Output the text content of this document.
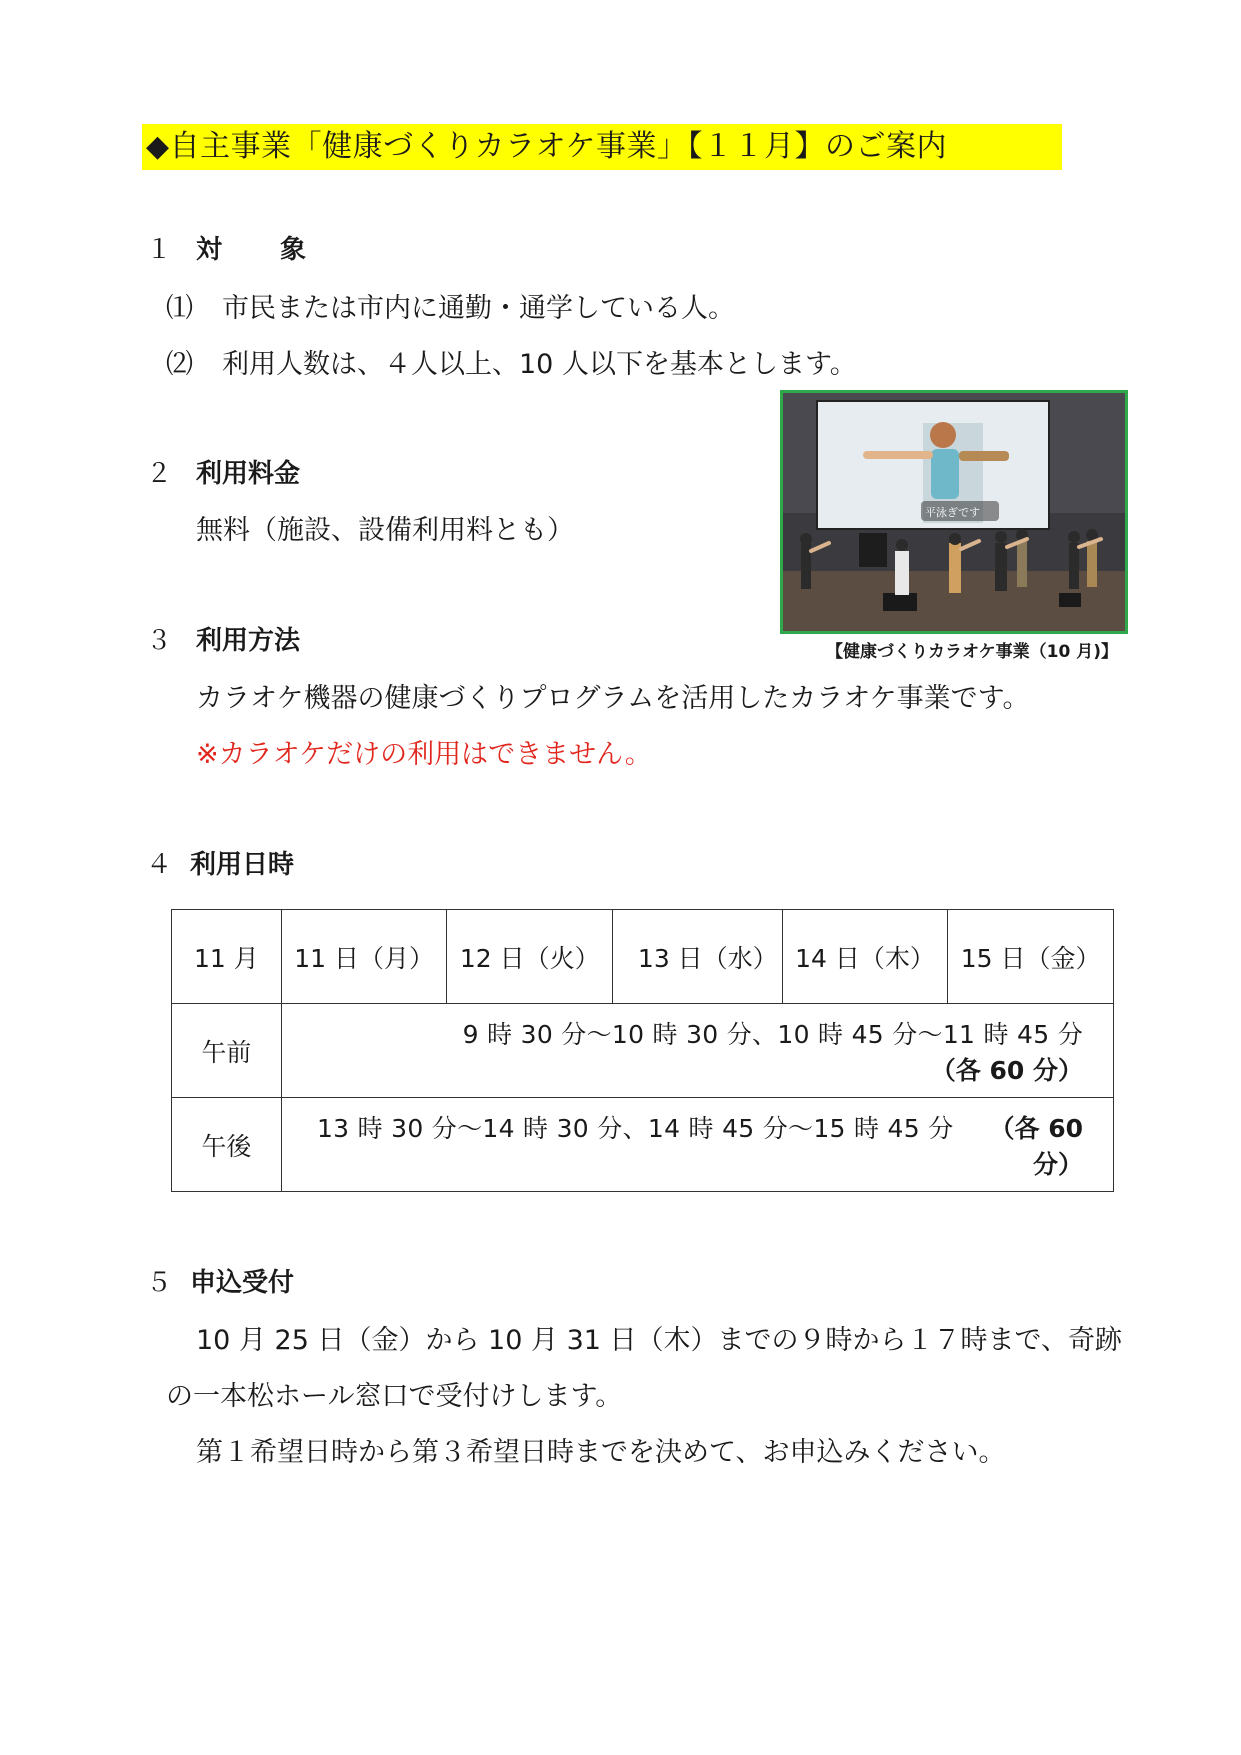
◆自主事業「健康づくりカラオケ事業」【１１月】のご案内
１ 対　　象
⑴ 市民または市内に通勤・通学している人。
⑵ 利用人数は、４人以上、10 人以下を基本とします。
２ 利用料金
無料（施設、設備利用料とも）
平泳ぎです
【健康づくりカラオケ事業（10 月)】
３ 利用方法
カラオケ機器の健康づくりプログラムを活用したカラオケ事業です。
※カラオケだけの利用はできません。
４ 利用日時
11 月	11 日（月）	12 日（火）	13 日（水）	14 日（木）	15 日（金）
午前	9 時 30 分～10 時 30 分、10 時 45 分～11 時 45 分（各 60 分）				
午後	13 時 30 分～14 時 30 分、14 時 45 分～15 時 45 分 （各 60 分）				
５ 申込受付
10 月 25 日（金）から 10 月 31 日（木）までの９時から１７時まで、奇跡
の一本松ホール窓口で受付けします。
第１希望日時から第３希望日時までを決めて、お申込みください。
